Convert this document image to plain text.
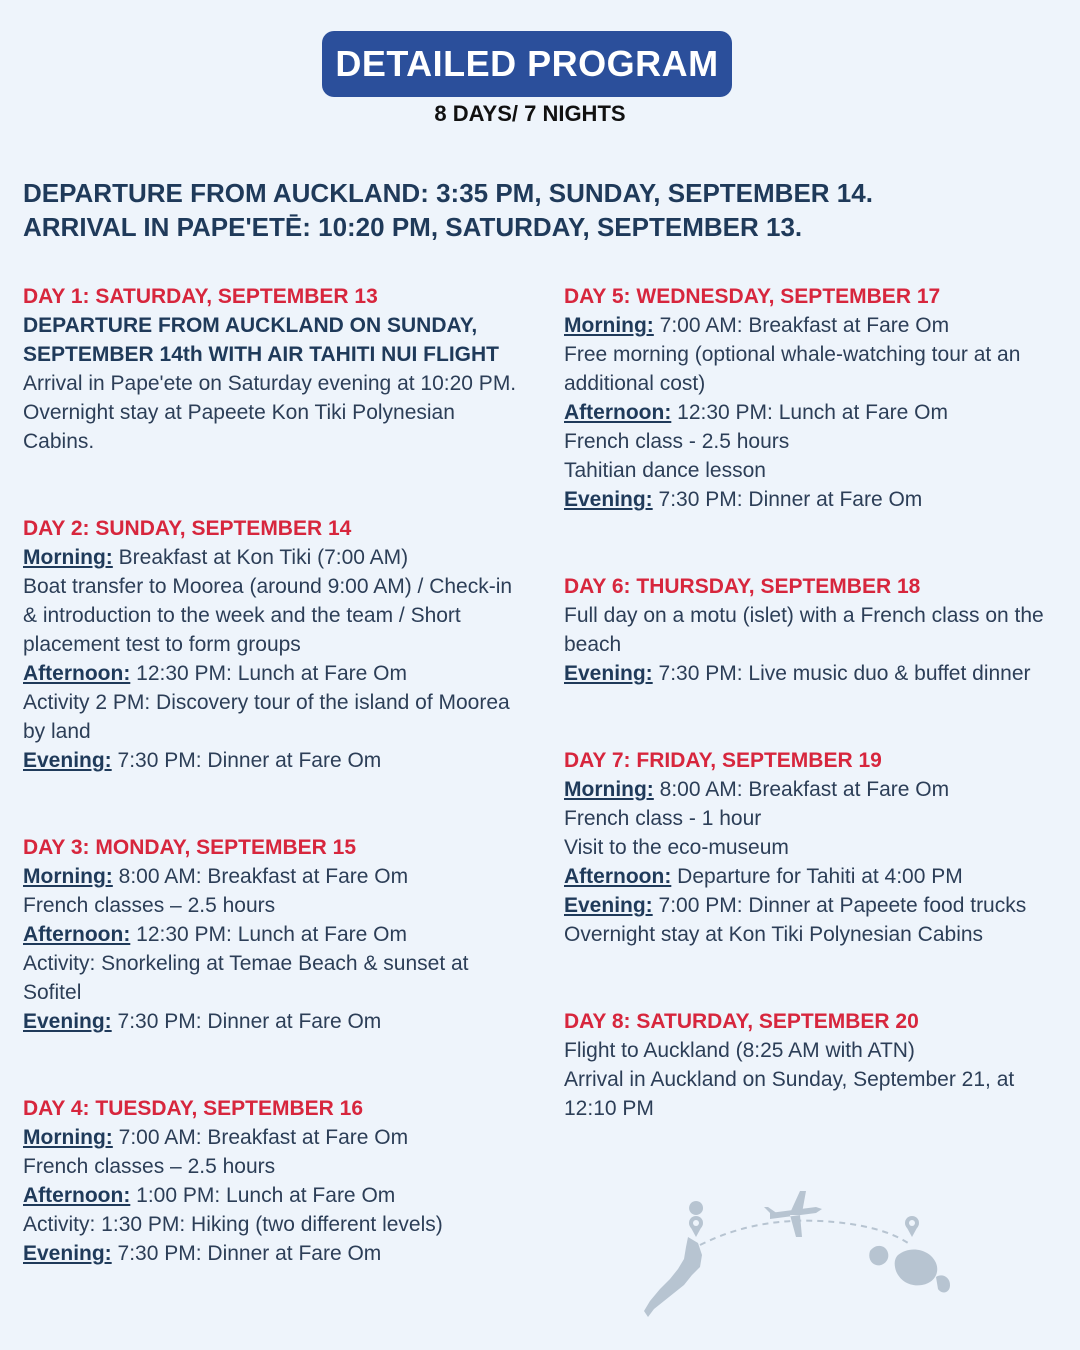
DETAILED PROGRAM
8 DAYS/ 7 NIGHTS
DEPARTURE FROM AUCKLAND: 3:35 PM, SUNDAY, SEPTEMBER 14.
ARRIVAL IN PAPE'ETĒ: 10:20 PM, SATURDAY, SEPTEMBER 13.
DAY 1: SATURDAY, SEPTEMBER 13
DEPARTURE FROM AUCKLAND ON SUNDAY, SEPTEMBER 14th WITH AIR TAHITI NUI FLIGHT
Arrival in Pape'ete on Saturday evening at 10:20 PM. Overnight stay at Papeete Kon Tiki Polynesian Cabins.
DAY 2: SUNDAY, SEPTEMBER 14
Morning: Breakfast at Kon Tiki (7:00 AM)
Boat transfer to Moorea (around 9:00 AM) / Check-in & introduction to the week and the team / Short placement test to form groups
Afternoon: 12:30 PM: Lunch at Fare Om
Activity 2 PM: Discovery tour of the island of Moorea by land
Evening: 7:30 PM: Dinner at Fare Om
DAY 3: MONDAY, SEPTEMBER 15
Morning: 8:00 AM: Breakfast at Fare Om
French classes – 2.5 hours
Afternoon: 12:30 PM: Lunch at Fare Om
Activity: Snorkeling at Temae Beach & sunset at Sofitel
Evening: 7:30 PM: Dinner at Fare Om
DAY 4: TUESDAY, SEPTEMBER 16
Morning: 7:00 AM: Breakfast at Fare Om
French classes – 2.5 hours
Afternoon: 1:00 PM: Lunch at Fare Om
Activity: 1:30 PM: Hiking (two different levels)
Evening: 7:30 PM: Dinner at Fare Om
DAY 5: WEDNESDAY, SEPTEMBER 17
Morning: 7:00 AM: Breakfast at Fare Om
Free morning (optional whale-watching tour at an additional cost)
Afternoon: 12:30 PM: Lunch at Fare Om
French class - 2.5 hours
Tahitian dance lesson
Evening: 7:30 PM: Dinner at Fare Om
DAY 6: THURSDAY, SEPTEMBER 18
Full day on a motu (islet) with a French class on the beach
Evening: 7:30 PM: Live music duo & buffet dinner
DAY 7: FRIDAY, SEPTEMBER 19
Morning: 8:00 AM: Breakfast at Fare Om
French class - 1 hour
Visit to the eco-museum
Afternoon: Departure for Tahiti at 4:00 PM
Evening: 7:00 PM: Dinner at Papeete food trucks
Overnight stay at Kon Tiki Polynesian Cabins
DAY 8: SATURDAY, SEPTEMBER 20
Flight to Auckland (8:25 AM with ATN)
Arrival in Auckland on Sunday, September 21, at 12:10 PM
